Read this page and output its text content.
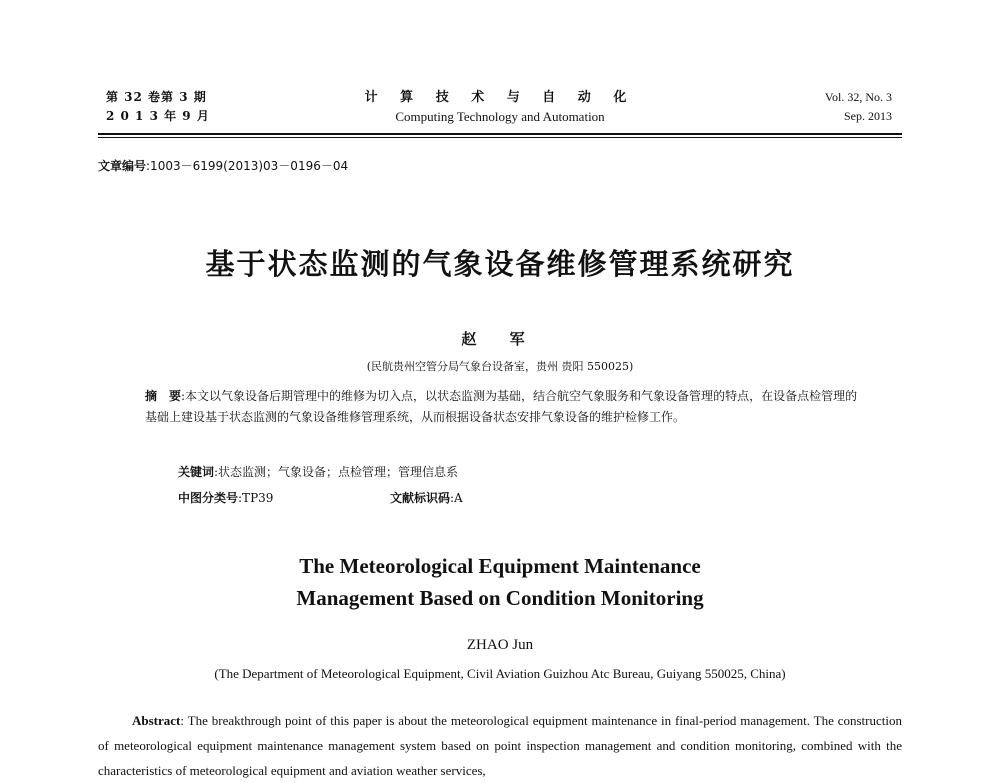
第 32 卷第 3 期
2 0 1 3 年 9 月
计 算 技 术 与 自 动 化
Computing Technology and Automation
Vol. 32, No. 3
Sep. 2013
文章编号:1003－6199(2013)03－0196－04
基于状态监测的气象设备维修管理系统研究
赵 军
(民航贵州空管分局气象台设备室，贵州 贵阳 550025)
摘　要:本文以气象设备后期管理中的维修为切入点，以状态监测为基础，结合航空气象服务和气象设备管理的特点，在设备点检管理的基础上建设基于状态监测的气象设备维修管理系统，从而根据设备状态安排气象设备的维护检修工作。
关键词:状态监测；气象设备；点检管理；管理信息系
中图分类号:TP39	文献标识码:A
The Meteorological Equipment Maintenance
Management Based on Condition Monitoring
ZHAO Jun
(The Department of Meteorological Equipment, Civil Aviation Guizhou Atc Bureau, Guiyang 550025, China)
Abstract: The breakthrough point of this paper is about the meteorological equipment maintenance in final-period management. The construction of meteorological equipment maintenance management system based on point inspection management and condition monitoring, combined with the characteristics of meteorological equipment and aviation weather services,
